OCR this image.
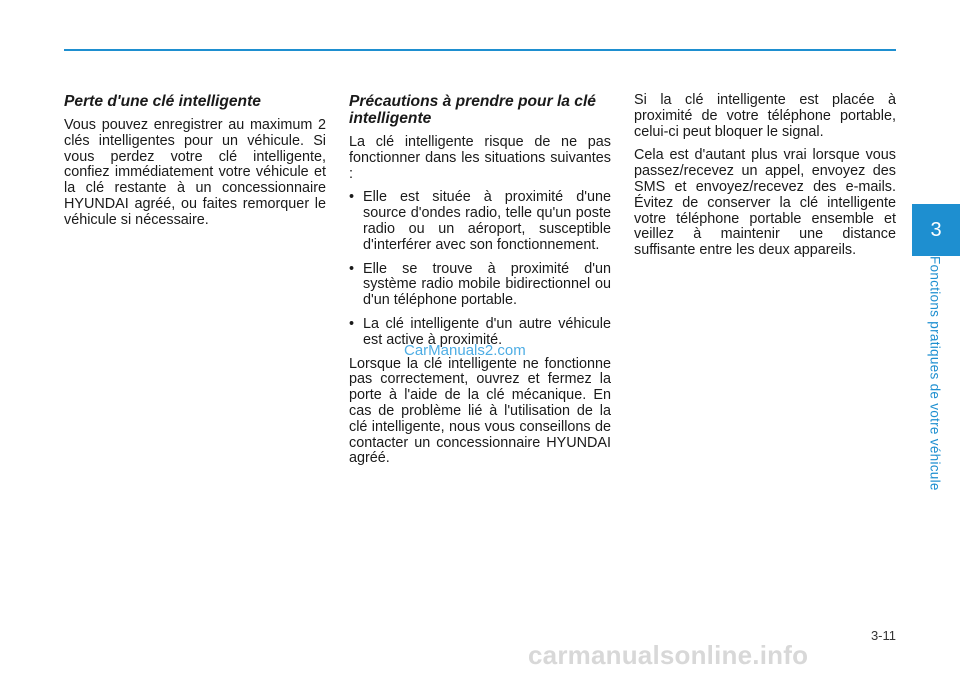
Perte d'une clé intelligente

Vous pouvez enregistrer au maximum 2 clés intelligentes pour un véhicule. Si vous perdez votre clé intelligente, confiez immédiatement votre véhicule et la clé restante à un concessionnaire HYUNDAI agréé, ou faites remorquer le véhicule si nécessaire.

Précautions à prendre pour la clé intelligente

La clé intelligente risque de ne pas fonctionner dans les situations suivantes :

• Elle est située à proximité d'une source d'ondes radio, telle qu'un poste radio ou un aéroport, susceptible d'interférer avec son fonctionnement.
• Elle se trouve à proximité d'un système radio mobile bidirectionnel ou d'un téléphone portable.
• La clé intelligente d'un autre véhicule est active à proximité.

Lorsque la clé intelligente ne fonctionne pas correctement, ouvrez et fermez la porte à l'aide de la clé mécanique. En cas de problème lié à l'utilisation de la clé intelligente, nous vous conseillons de contacter un concessionnaire HYUNDAI agréé.

Si la clé intelligente est placée à proximité de votre téléphone portable, celui-ci peut bloquer le signal.

Cela est d'autant plus vrai lorsque vous passez/recevez un appel, envoyez des SMS et envoyez/recevez des e-mails. Évitez de conserver la clé intelligente votre téléphone portable ensemble et veillez à maintenir une distance suffisante entre les deux appareils.

3
Fonctions pratiques de votre véhicule
3-11
CarManuals2.com
carmanualsonline.info
